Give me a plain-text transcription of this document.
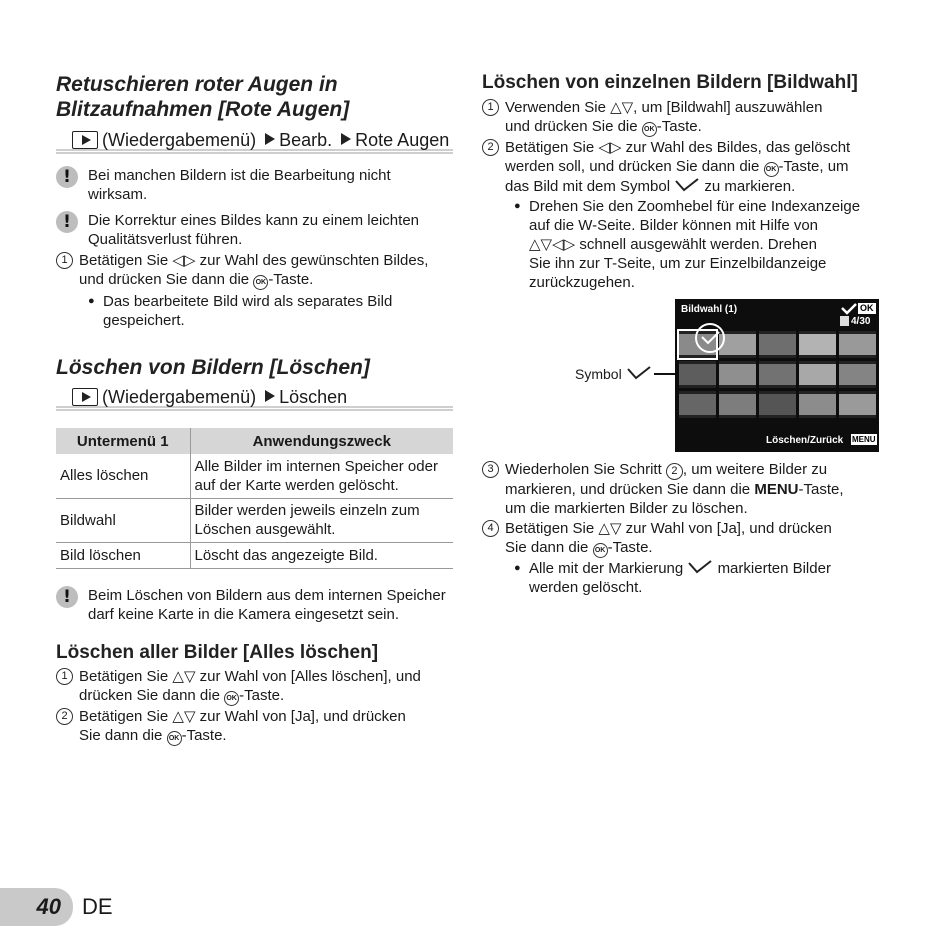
Retuschieren roter Augen in
Blitzaufnahmen [Rote Augen]
(Wiedergabemenü) Bearb. Rote Augen
!	Bei manchen Bildern ist die Bearbeitung nicht
wirksam.
!	Die Korrektur eines Bildes kann zu einem leichten
Qualitätsverlust führen.
1 Betätigen Sie ◁▷ zur Wahl des gewünschten Bildes,
und drücken Sie dann die OK -Taste.
● Das bearbeitete Bild wird als separates Bild
gespeichert.
Löschen von Bildern [Löschen]
(Wiedergabemenü) Löschen
!	Beim Löschen von Bildern aus dem internen Speicher
darf keine Karte in die Kamera eingesetzt sein.
Löschen aller Bilder [Alles löschen]
1 Betätigen Sie △▽ zur Wahl von [Alles löschen], und
drücken Sie dann die OK -Taste.
2 Betätigen Sie △▽ zur Wahl von [Ja], und drücken
Sie dann die OK -Taste.
Untermenü 1	Anwendungszweck
Alles löschen	Alle Bilder im internen Speicher oder auf der Karte werden gelöscht.
Bildwahl	Bilder werden jeweils einzeln zum Löschen ausgewählt.
Bild löschen	Löscht das angezeigte Bild.
Löschen von einzelnen Bildern [Bildwahl]
1 Verwenden Sie △▽, um [Bildwahl] auszuwählen
und drücken Sie die OK -Taste.
2 Betätigen Sie ◁▷ zur Wahl des Bildes, das gelöscht
werden soll, und drücken Sie dann die OK -Taste, um
das Bild mit dem Symbol zu markieren.
● Drehen Sie den Zoomhebel für eine Indexanzeige
auf die W-Seite. Bilder können mit Hilfe von
△▽◁▷ schnell ausgewählt werden. Drehen
Sie ihn zur T-Seite, um zur Einzelbildanzeige
zurückzugehen.
Symbol
3 Wiederholen Sie Schritt 2 , um weitere Bilder zu
markieren, und drücken Sie dann die MENU-Taste,
um die markierten Bilder zu löschen.
4 Betätigen Sie △▽ zur Wahl von [Ja], und drücken
Sie dann die OK -Taste.
● Alle mit der Markierung markierten Bilder
werden gelöscht.
Bildwahl (1)	OK
4/30
Löschen/Zurück MENU
40 DE
